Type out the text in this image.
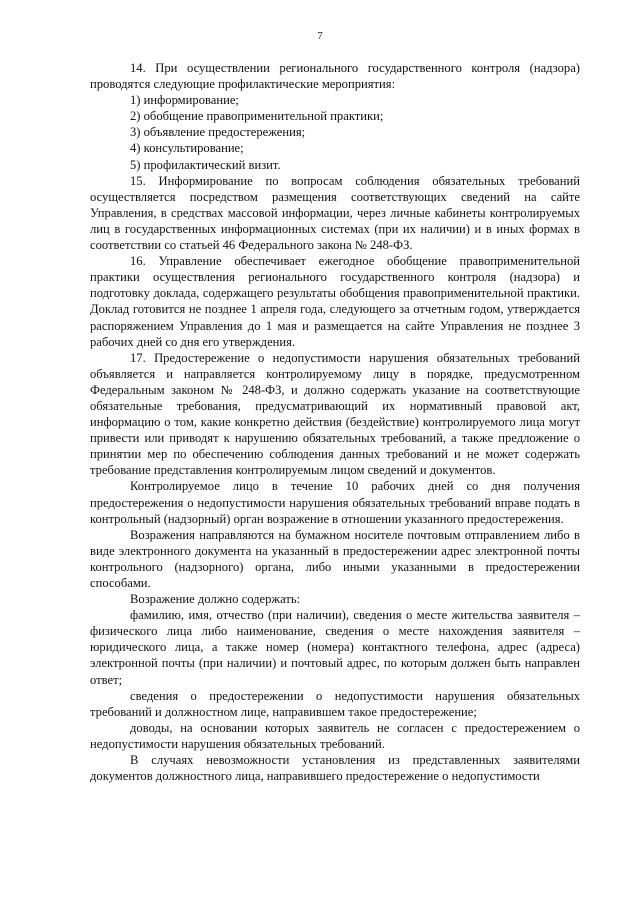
7

14. При осуществлении регионального государственного контроля (надзора) проводятся следующие профилактические мероприятия:

1) информирование;

2) обобщение правоприменительной практики;

3) объявление предостережения;

4) консультирование;

5) профилактический визит.

15. Информирование по вопросам соблюдения обязательных требований осуществляется посредством размещения соответствующих сведений на сайте Управления, в средствах массовой информации, через личные кабинеты контролируемых лиц в государственных информационных системах (при их наличии) и в иных формах в соответствии со статьей 46 Федерального закона № 248-ФЗ.

16. Управление обеспечивает ежегодное обобщение правоприменительной практики осуществления регионального государственного контроля (надзора) и подготовку доклада, содержащего результаты обобщения правоприменительной практики. Доклад готовится не позднее 1 апреля года, следующего за отчетным годом, утверждается распоряжением Управления до 1 мая и размещается на сайте Управления не позднее 3 рабочих дней со дня его утверждения.

17. Предостережение о недопустимости нарушения обязательных требований объявляется и направляется контролируемому лицу в порядке, предусмотренном Федеральным законом № 248-ФЗ, и должно содержать указание на соответствующие обязательные требования, предусматривающий их нормативный правовой акт, информацию о том, какие конкретно действия (бездействие) контролируемого лица могут привести или приводят к нарушению обязательных требований, а также предложение о принятии мер по обеспечению соблюдения данных требований и не может содержать требование представления контролируемым лицом сведений и документов.

Контролируемое лицо в течение 10 рабочих дней со дня получения предостережения о недопустимости нарушения обязательных требований вправе подать в контрольный (надзорный) орган возражение в отношении указанного предостережения.

Возражения направляются на бумажном носителе почтовым отправлением либо в виде электронного документа на указанный в предостережении адрес электронной почты контрольного (надзорного) органа, либо иными указанными в предостережении способами.

Возражение должно содержать:

фамилию, имя, отчество (при наличии), сведения о месте жительства заявителя – физического лица либо наименование, сведения о месте нахождения заявителя – юридического лица, а также номер (номера) контактного телефона, адрес (адреса) электронной почты (при наличии) и почтовый адрес, по которым должен быть направлен ответ;

сведения о предостережении о недопустимости нарушения обязательных требований и должностном лице, направившем такое предостережение;

доводы, на основании которых заявитель не согласен с предостережением о недопустимости нарушения обязательных требований.

В случаях невозможности установления из представленных заявителями документов должностного лица, направившего предостережение о недопустимости
